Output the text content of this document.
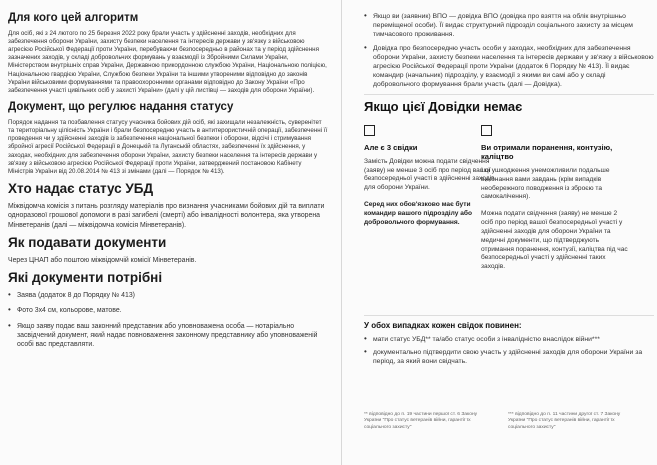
Для кого цей алгоритм

Для осіб, які з 24 лютого по 25 березня 2022 року брали участь у здійсненні заходів, необхідних для забезпечення оборони України, захисту безпеки населення та інтересів держави у зв'язку з військовою агресією Російської Федерації проти України, перебуваючи безпосередньо в районах та у період здійснення зазначених заходів, у складі добровольчих формувань у взаємодії із Збройними Силами України, Міністерством внутрішніх справ України, Державною прикордонною службою України, Національною поліцією, Національною гвардією України, Службою безпеки України та іншими утвореними відповідно до законів України військовими формуваннями та правоохоронними органами відповідно до Закону України «Про забезпечення участі цивільних осіб у захисті України» (далі у цій листівці — заходів для оборони України).

Документ, що регулює надання статусу

Порядок надання та позбавлення статусу учасника бойових дій осіб, які захищали незалежність, суверенітет та територіальну цілісність України і брали безпосередню участь в антитерористичній операції, забезпеченні її проведення чи у здійсненні заходів із забезпечення національної безпеки і оборони, відсічі і стримування збройної агресії Російської Федерації в Донецькій та Луганській областях, забезпеченні їх здійснення, у заходах, необхідних для забезпечення оборони України, захисту безпеки населення та інтересів держави у зв'язку з військовою агресією Російської Федерації проти України, затверджений постановою Кабінету Міністрів України від 20.08.2014 № 413 зі змінами (далі — Порядок № 413).

Хто надає статус УБД

Міжвідомча комісія з питань розгляду матеріалів про визнання учасниками бойових дій та виплати одноразової грошової допомоги в разі загибелі (смерті) або інвалідності волонтера, яка утворена Мінветеранів (далі — міжвідомча комісія Мінветеранів).

Як подавати документи

Через ЦНАП або поштою міжвідомчій комісії Мінветеранів.

Які документи потрібні
• Заява (додаток 8 до Порядку № 413)
• Фото 3х4 см, кольорове, матове.
• Якщо заяву подає ваш законний представник або уповноважена особа — нотаріально засвідчений документ, який надає повноваження законному представнику або уповноваженій особі вас представляти.
• Якщо ви (заявник) ВПО — довідка ВПО (довідка про взяття на облік внутрішньо переміщеної особи). Її видає структурний підрозділ соціального захисту за місцем тимчасового проживання.
• Довідка про безпосередню участь особи у заходах, необхідних для забезпечення оборони України, захисту безпеки населення та інтересів держави у зв'язку з військовою агресією Російської Федерації проти України (додаток 6 Порядку № 413). Її видає командир (начальник) підрозділу, у взаємодії з якими ви самі або у складі добровольчого формування брали участь (далі — Довідка).
Якщо цієї Довідки немає
Але є 3 свідки

Замість Довідки можна подати свідчення (заяву) не менше 3 осіб про період вашої безпосередньої участі в здійсненні заходів для оборони України.

Серед них обов'язково має бути командир вашого підрозділу або добровольчого формування.

Ви отримали поранення, контузію, каліцтво

І ці ушкодження унеможливили подальше виконання вами завдань (крім випадків необережного поводження із зброєю та самокалічення).

Можна подати свідчення (заяву) не менше 2 осіб про період вашої безпосередньої участі у здійсненні заходів для оборони України та медичні документи, що підтверджують отримання поранення, контузії, каліцтва під час безпосередньої участі у здійсненні таких заходів.

У обох випадках кожен свідок повинен:
• мати статус УБД** та/або статус особи з інвалідністю внаслідок війни***
• документально підтвердити свою участь у здійсненні заходів для оборони України за період, за який вони свідчать.
** відповідно до п. 19 частини першої ст. 6 Закону України "Про статус ветеранів війни, гарантії їх соціального захисту"
*** відповідно до п. 11 частини другої ст. 7 Закону України "Про статус ветеранів війни, гарантії їх соціального захисту"
